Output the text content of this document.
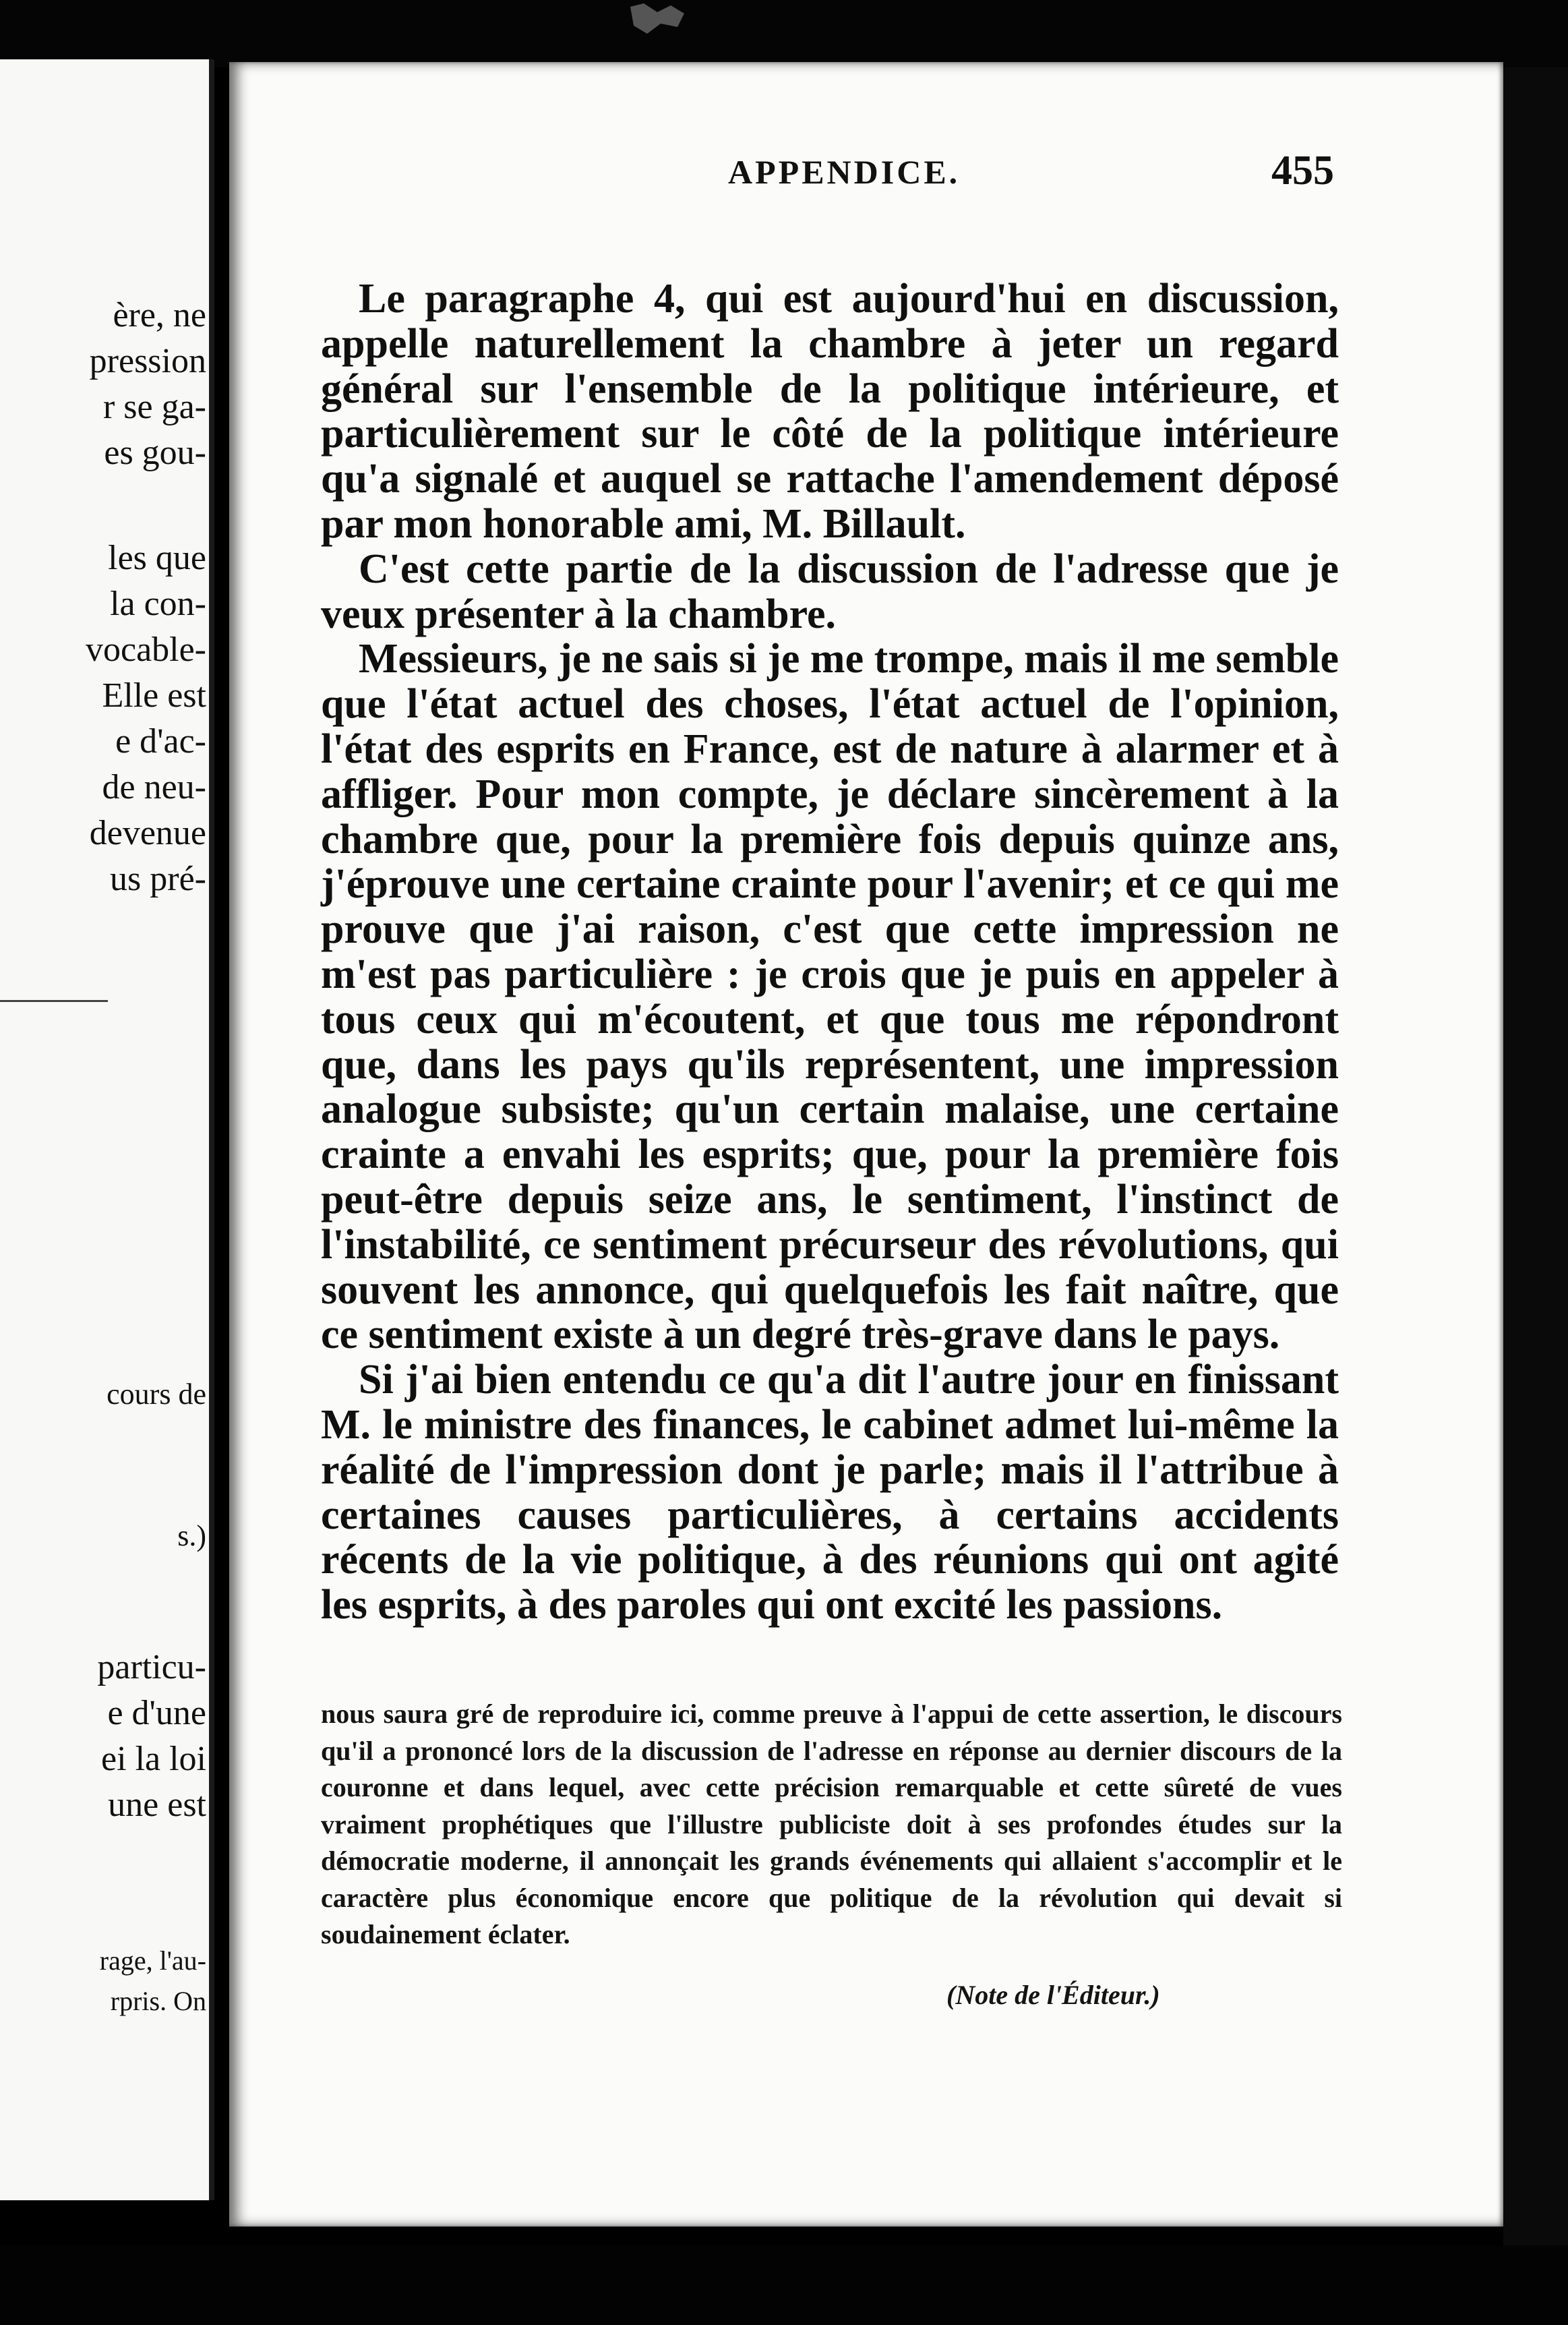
ère, ne
pression
r se ga-
es gou-
les que
la con-
vocable-
Elle est
e d'ac-
de neu-
devenue
us pré-
cours de
s.)
particu-
e d'une
ei la loi
une est
rage, l'au-
rpris. On
APPENDICE.	455

Le paragraphe 4, qui est aujourd'hui en discussion, appelle naturellement la chambre à jeter un regard général sur l'ensemble de la politique intérieure, et particulièrement sur le côté de la politique intérieure qu'a signalé et auquel se rattache l'amendement déposé par mon honorable ami, M. Billault.

C'est cette partie de la discussion de l'adresse que je veux présenter à la chambre.

Messieurs, je ne sais si je me trompe, mais il me semble que l'état actuel des choses, l'état actuel de l'opinion, l'état des esprits en France, est de nature à alarmer et à affliger. Pour mon compte, je déclare sincèrement à la chambre que, pour la première fois depuis quinze ans, j'éprouve une certaine crainte pour l'avenir; et ce qui me prouve que j'ai raison, c'est que cette impression ne m'est pas particulière : je crois que je puis en appeler à tous ceux qui m'écoutent, et que tous me répondront que, dans les pays qu'ils représentent, une impression analogue subsiste; qu'un certain malaise, une certaine crainte a envahi les esprits; que, pour la première fois peut-être depuis seize ans, le sentiment, l'instinct de l'instabilité, ce sentiment précurseur des révolutions, qui souvent les annonce, qui quelquefois les fait naître, que ce sentiment existe à un degré très-grave dans le pays.

Si j'ai bien entendu ce qu'a dit l'autre jour en finissant M. le ministre des finances, le cabinet admet lui-même la réalité de l'impression dont je parle; mais il l'attribue à certaines causes particulières, à certains accidents récents de la vie politique, à des réunions qui ont agité les esprits, à des paroles qui ont excité les passions.

nous saura gré de reproduire ici, comme preuve à l'appui de cette assertion, le discours qu'il a prononcé lors de la discussion de l'adresse en réponse au dernier discours de la couronne et dans lequel, avec cette précision remarquable et cette sûreté de vues vraiment prophétiques que l'illustre publiciste doit à ses profondes études sur la démocratie moderne, il annonçait les grands événements qui allaient s'accomplir et le caractère plus économique encore que politique de la révolution qui devait si soudainement éclater.

(Note de l'Éditeur.)
